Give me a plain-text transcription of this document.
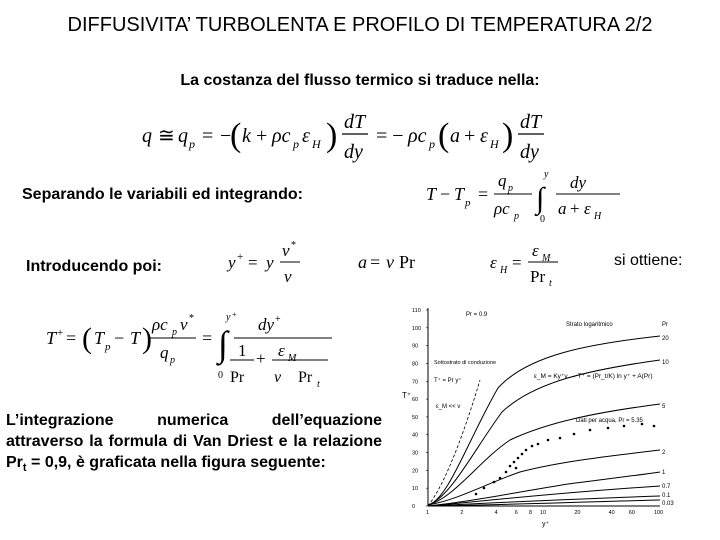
DIFFUSIVITA’ TURBOLENTA E PROFILO DI TEMPERATURA 2/2
La costanza del flusso termico si traduce nella:
q ≅ q p = −
( k + ρc p ε H ) dT
dy
= − ρc p ( a + ε H ) dT
dy
Separando le variabili ed integrando:	T − T p =
q p
ρc p
∫
y
0
dy
a + ε H
Introducendo poi:	y + = y
ν *
ν
a = ν Pr	ε H =
ε M
Pr t
si ottiene:
T + = ( T p − T ) ρc p ν *
q p
= ∫
y +
0
dy +
1
Pr
+ ε M
ν Pr t
L’integrazione numerica dell’equazione attraverso la formula di Van Driest e la relazione $Pr_t = 0,9$, è graficata nella figura seguente:
110
100
90
80
70
60
50
40
30
20
10
0
1	2	4	6 8 10	20	40	60	100
T⁺
y⁺
Pr = 0.9
Strato logaritmico	Pr
Sottostrato di conduzione
T⁺ = Pr y⁺
ε_M << ν
ε_M = Ky⁺ν → T⁺ = (Pr_t/K) ln y⁺ + A(Pr)
Dati per acqua, Pr = 5.35
20
10
5
2
1
0.7
0.1
0.03
